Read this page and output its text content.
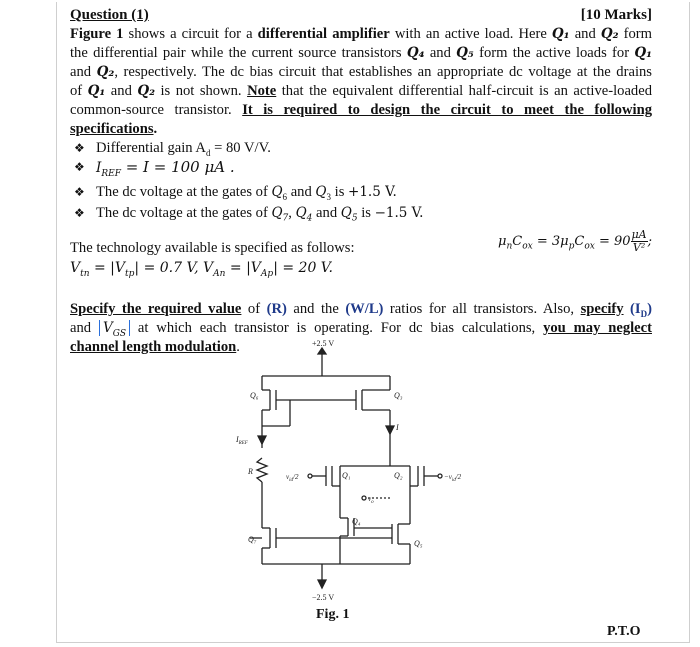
Question (1)	[10 Marks]
Figure 1 shows a circuit for a differential amplifier with an active load. Here Q₁ and Q₂ form
the differential pair while the current source transistors Q₄ and Q₅ form the active loads for Q₁
and Q₂, respectively. The dc bias circuit that establishes an appropriate dc voltage at the drains
of Q₁ and Q₂ is not shown. Note that the equivalent differential half-circuit is an active-loaded
common-source transistor. It is required to design the circuit to meet the following
specifications.
❖ Differential gain $A_d = 80$ V/V.
❖ $I_{REF} = I = 100$ μA .
❖ The dc voltage at the gates of $Q_6$ and $Q_3$ is +1.5 V.
❖ The dc voltage at the gates of $Q_7$, $Q_4$ and $Q_5$ is −1.5 V.
The technology available is specified as follows:	$\mu_nC_{ox} = 3\mu_pC_{ox} = 90 \frac{\mu A}{\text{V²}}$ ;
$V_{tn} = |V_{tp}| = 0.7$ V, $V_{An} = |V_{Ap}| = 20$ V.
Specify the required value of (R) and the (W/L) ratios for all transistors. Also, specify $(I_D)$
and $V_{GS}$ at which each transistor is operating. For dc bias calculations, you may neglect
channel length modulation.	+2.5 V
−2.5 V
Q₆	Q₃
Q₁	Q₂
Q₄
Q₅
Q₇
$I_{REF}$
R
I
$v_{id}/2$	$-v_{id}/2$
$v_o$
Fig. 1
P.T.O
